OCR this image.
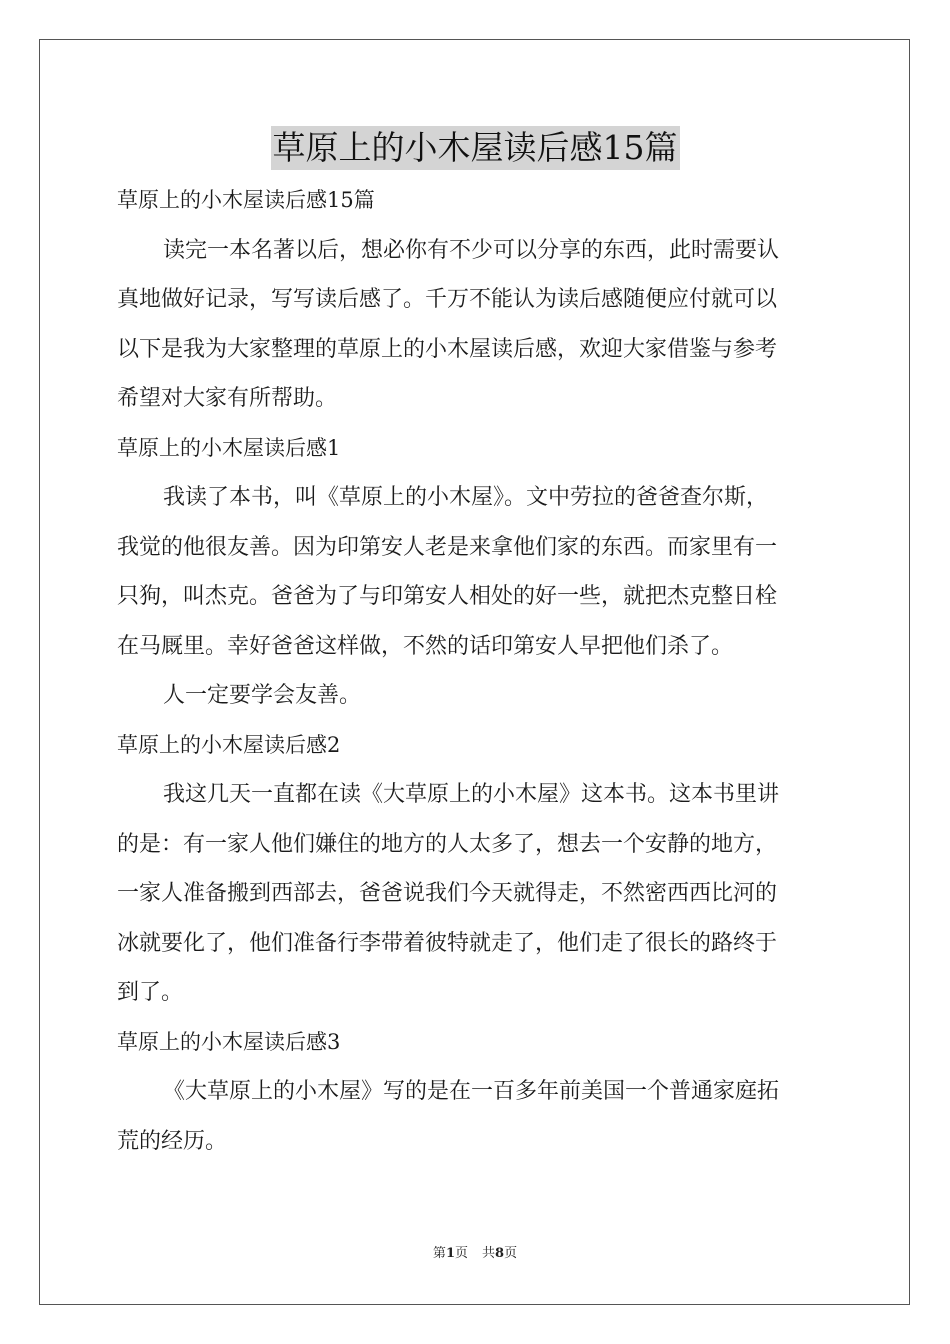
草原上的小木屋读后感15篇
草原上的小木屋读后感15篇
读完一本名著以后，想必你有不少可以分享的东西，此时需要认
真地做好记录，写写读后感了。千万不能认为读后感随便应付就可以
以下是我为大家整理的草原上的小木屋读后感，欢迎大家借鉴与参考
希望对大家有所帮助。
草原上的小木屋读后感1
我读了本书，叫《草原上的小木屋》。文中劳拉的爸爸查尔斯，
我觉的他很友善。因为印第安人老是来拿他们家的东西。而家里有一
只狗，叫杰克。爸爸为了与印第安人相处的好一些，就把杰克整日栓
在马厩里。幸好爸爸这样做，不然的话印第安人早把他们杀了。
人一定要学会友善。
草原上的小木屋读后感2
我这几天一直都在读《大草原上的小木屋》这本书。这本书里讲
的是：有一家人他们嫌住的地方的人太多了，想去一个安静的地方，
一家人准备搬到西部去，爸爸说我们今天就得走，不然密西西比河的
冰就要化了，他们准备行李带着彼特就走了，他们走了很长的路终于
到了。
草原上的小木屋读后感3
《大草原上的小木屋》写的是在一百多年前美国一个普通家庭拓
荒的经历。
第1页 共8页
